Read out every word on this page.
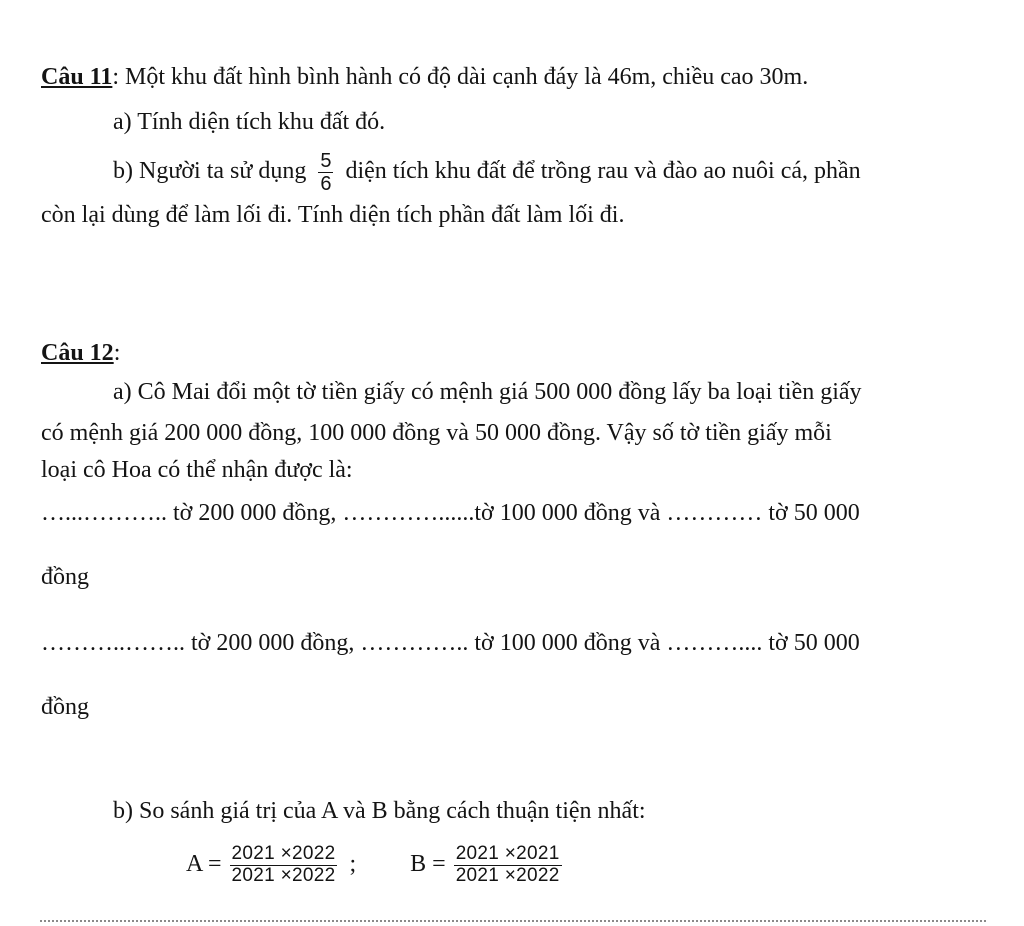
Câu 11: Một khu đất hình bình hành có độ dài cạnh đáy là 46m, chiều cao 30m.
a) Tính diện tích khu đất đó.
b) Người ta sử dụng $\frac{5}{6}$ diện tích khu đất để trồng rau và đào ao nuôi cá, phần
còn lại dùng để làm lối đi. Tính diện tích phần đất làm lối đi.
Câu 12:
a) Cô Mai đổi một tờ tiền giấy có mệnh giá 500 000 đồng lấy ba loại tiền giấy
có mệnh giá 200 000 đồng, 100 000 đồng và 50 000 đồng. Vậy số tờ tiền giấy mỗi
loại cô Hoa có thể nhận được là:
…...……….. tờ 200 000 đồng, …………......tờ 100 000 đồng và ………… tờ 50 000
đồng
………..…….. tờ 200 000 đồng, ………….. tờ 100 000 đồng và ……….... tờ 50 000
đồng
b) So sánh giá trị của A và B bằng cách thuận tiện nhất:
$A = \frac{2021 \times 2022}{2021 \times 2022}$ ; $B = \frac{2021 \times 2021}{2021 \times 2022}$
